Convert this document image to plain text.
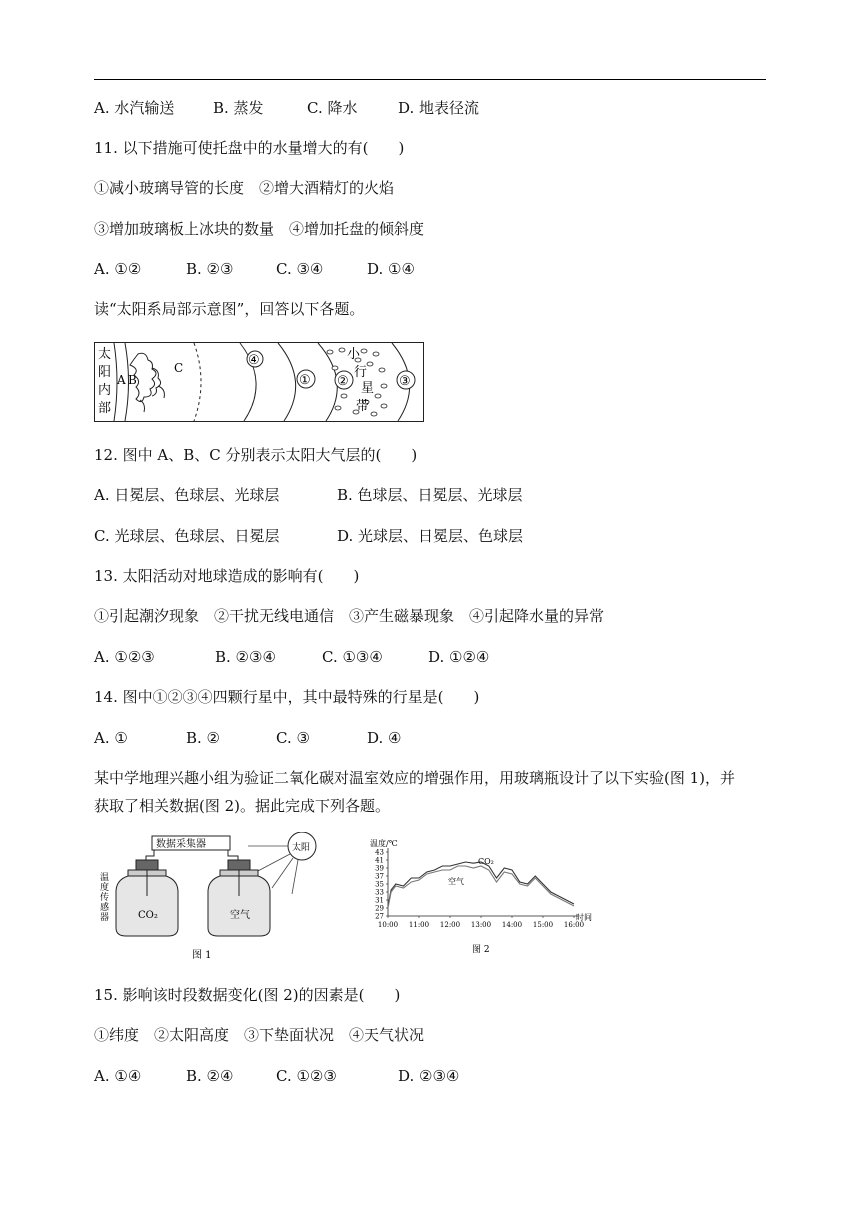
A. 水汽输送	B. 蒸发	C. 降水	D. 地表径流
11. 以下措施可使托盘中的水量增大的有(　　)
①减小玻璃导管的长度　②增大酒精灯的火焰
③增加玻璃板上冰块的数量　④增加托盘的倾斜度
A. ①②	B. ②③	C. ③④	D. ①④
读“太阳系局部示意图”，回答以下各题。
太
阳
内
部
A B
C	④
① ②	③
小
行
星
带
12. 图中 A、B、C 分别表示太阳大气层的(　　)
A. 日冕层、色球层、光球层	B. 色球层、日冕层、光球层
C. 光球层、色球层、日冕层	D. 光球层、日冕层、色球层
13. 太阳活动对地球造成的影响有(　　)
①引起潮汐现象　②干扰无线电通信　③产生磁暴现象　④引起降水量的异常
A. ①②③	B. ②③④	C. ①③④	D. ①②④
14. 图中①②③④四颗行星中，其中最特殊的行星是(　　)
A. ①	B. ②	C. ③	D. ④
某中学地理兴趣小组为验证二氧化碳对温室效应的增强作用，用玻璃瓶设计了以下实验(图 1)，并
获取了相关数据(图 2)。据此完成下列各题。
数据采集器	太阳
温
度
传
感
器	CO₂	空气
图 1
温度/℃
时间
27
29
31
33
35
37
39
41
43
10:00 11:00 12:00 13:00 14:00 15:00 16:00
CO₂
空气
图 2
15. 影响该时段数据变化(图 2)的因素是(　　)
①纬度　②太阳高度　③下垫面状况　④天气状况
A. ①④	B. ②④	C. ①②③	D. ②③④
